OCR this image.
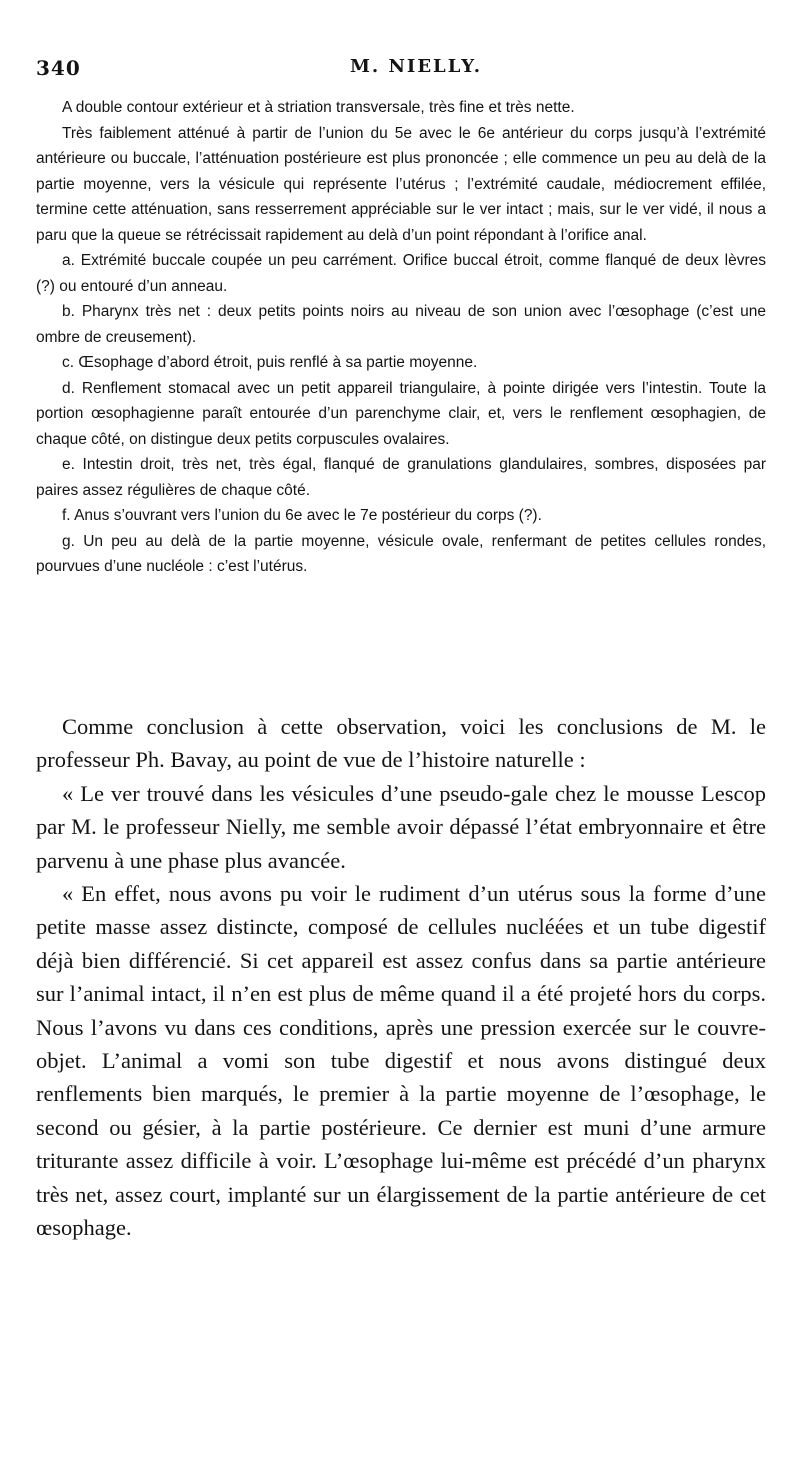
340	M. NIELLY.

A double contour extérieur et à striation transversale, très fine et très nette.

Très faiblement atténué à partir de l’union du 5e avec le 6e antérieur du corps jusqu’à l’extrémité antérieure ou buccale, l’atténuation postérieure est plus prononcée ; elle commence un peu au delà de la partie moyenne, vers la vésicule qui représente l’utérus ; l’extrémité caudale, médiocrement effilée, termine cette atténuation, sans resserrement appréciable sur le ver intact ; mais, sur le ver vidé, il nous a paru que la queue se rétrécissait rapidement au delà d’un point répondant à l’orifice anal.

a. Extrémité buccale coupée un peu carrément. Orifice buccal étroit, comme flanqué de deux lèvres (?) ou entouré d’un anneau.

b. Pharynx très net : deux petits points noirs au niveau de son union avec l’œsophage (c’est une ombre de creusement).

c. Œsophage d’abord étroit, puis renflé à sa partie moyenne.

d. Renflement stomacal avec un petit appareil triangulaire, à pointe dirigée vers l’intestin. Toute la portion œsophagienne paraît entourée d’un parenchyme clair, et, vers le renflement œsophagien, de chaque côté, on distingue deux petits corpuscules ovalaires.

e. Intestin droit, très net, très égal, flanqué de granulations glandulaires, sombres, disposées par paires assez régulières de chaque côté.

f. Anus s’ouvrant vers l’union du 6e avec le 7e postérieur du corps (?).

g. Un peu au delà de la partie moyenne, vésicule ovale, renfermant de petites cellules rondes, pourvues d’une nucléole : c’est l’utérus.

Comme conclusion à cette observation, voici les conclusions de M. le professeur Ph. Bavay, au point de vue de l’histoire naturelle :

« Le ver trouvé dans les vésicules d’une pseudo-gale chez le mousse Lescop par M. le professeur Nielly, me semble avoir dépassé l’état embryonnaire et être parvenu à une phase plus avancée.

« En effet, nous avons pu voir le rudiment d’un utérus sous la forme d’une petite masse assez distincte, composé de cellules nucléées et un tube digestif déjà bien différencié. Si cet appareil est assez confus dans sa partie antérieure sur l’animal intact, il n’en est plus de même quand il a été projeté hors du corps. Nous l’avons vu dans ces conditions, après une pression exercée sur le couvre-objet. L’animal a vomi son tube digestif et nous avons distingué deux renflements bien marqués, le premier à la partie moyenne de l’œsophage, le second ou gésier, à la partie postérieure. Ce dernier est muni d’une armure triturante assez difficile à voir. L’œsophage lui-même est précédé d’un pharynx très net, assez court, implanté sur un élargissement de la partie antérieure de cet œsophage.
